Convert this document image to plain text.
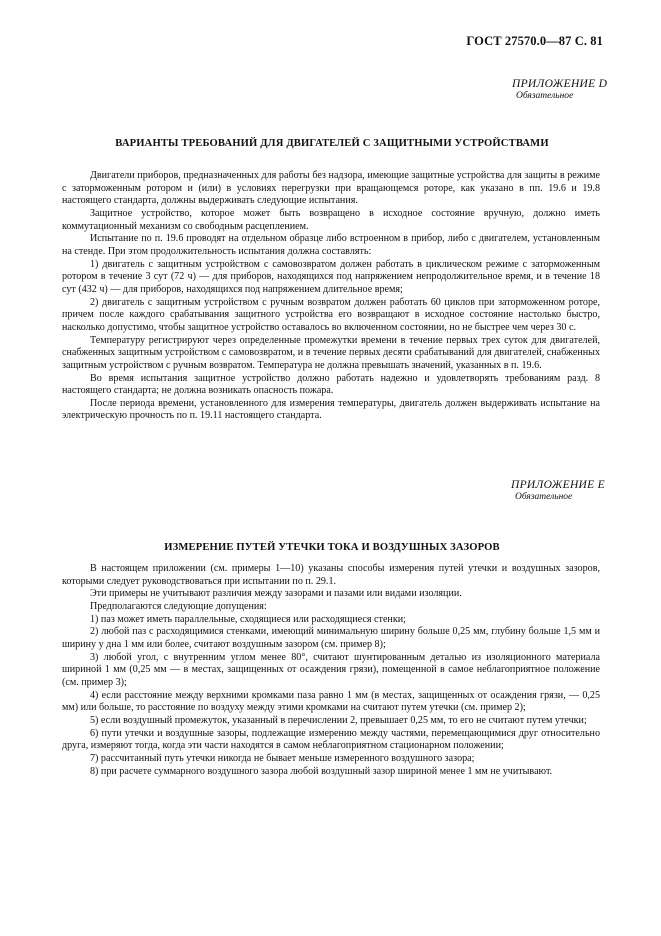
ГОСТ 27570.0—87 С. 81
ПРИЛОЖЕНИЕ D
Обязательное
ВАРИАНТЫ ТРЕБОВАНИЙ ДЛЯ ДВИГАТЕЛЕЙ С ЗАЩИТНЫМИ УСТРОЙСТВАМИ

Двигатели приборов, предназначенных для работы без надзора, имеющие защитные устройства для защиты в режиме с заторможенным ротором и (или) в условиях перегрузки при вращающемся роторе, как указано в пп. 19.6 и 19.8 настоящего стандарта, должны выдерживать следующие испытания.

Защитное устройство, которое может быть возвращено в исходное состояние вручную, должно иметь коммутационный механизм со свободным расцеплением.

Испытание по п. 19.6 проводят на отдельном образце либо встроенном в прибор, либо с двигателем, установленным на стенде. При этом продолжительность испытания должна составлять:

1) двигатель с защитным устройством с самовозвратом должен работать в циклическом режиме с заторможенным ротором в течение 3 сут (72 ч) — для приборов, находящихся под напряжением непродолжительное время, и в течение 18 сут (432 ч) — для приборов, находящихся под напряжением длительное время;

2) двигатель с защитным устройством с ручным возвратом должен работать 60 циклов при заторможенном роторе, причем после каждого срабатывания защитного устройства его возвращают в исходное состояние настолько быстро, насколько допустимо, чтобы защитное устройство оставалось во включенном состоянии, но не быстрее чем через 30 с.

Температуру регистрируют через определенные промежутки времени в течение первых трех суток для двигателей, снабженных защитным устройством с самовозвратом, и в течение первых десяти срабатываний для двигателей, снабженных защитным устройством с ручным возвратом. Температура не должна превышать значений, указанных в п. 19.6.

Во время испытания защитное устройство должно работать надежно и удовлетворять требованиям разд. 8 настоящего стандарта; не должна возникать опасность пожара.

После периода времени, установленного для измерения температуры, двигатель должен выдерживать испытание на электрическую прочность по п. 19.11 настоящего стандарта.

ПРИЛОЖЕНИЕ Е
Обязательное
ИЗМЕРЕНИЕ ПУТЕЙ УТЕЧКИ ТОКА И ВОЗДУШНЫХ ЗАЗОРОВ

В настоящем приложении (см. примеры 1—10) указаны способы измерения путей утечки и воздушных зазоров, которыми следует руководствоваться при испытании по п. 29.1.

Эти примеры не учитывают различия между зазорами и пазами или видами изоляции.

Предполагаются следующие допущения:

1) паз может иметь параллельные, сходящиеся или расходящиеся стенки;

2) любой паз с расходящимися стенками, имеющий минимальную ширину больше 0,25 мм, глубину больше 1,5 мм и ширину у дна 1 мм или более, считают воздушным зазором (см. пример 8);

3) любой угол, с внутренним углом менее 80°, считают шунтированным деталью из изоляционного материала шириной 1 мм (0,25 мм — в местах, защищенных от осаждения грязи), помещенной в самое неблагоприятное положение (см. пример 3);

4) если расстояние между верхними кромками паза равно 1 мм (в местах, защищенных от осаждения грязи, — 0,25 мм) или больше, то расстояние по воздуху между этими кромками на считают путем утечки (см. пример 2);

5) если воздушный промежуток, указанный в перечислении 2, превышает 0,25 мм, то его не считают путем утечки;

6) пути утечки и воздушные зазоры, подлежащие измерению между частями, перемещающимися друг относительно друга, измеряют тогда, когда эти части находятся в самом неблагоприятном стационарном положении;

7) рассчитанный путь утечки никогда не бывает меньше измеренного воздушного зазора;

8) при расчете суммарного воздушного зазора любой воздушный зазор шириной менее 1 мм не учитывают.
